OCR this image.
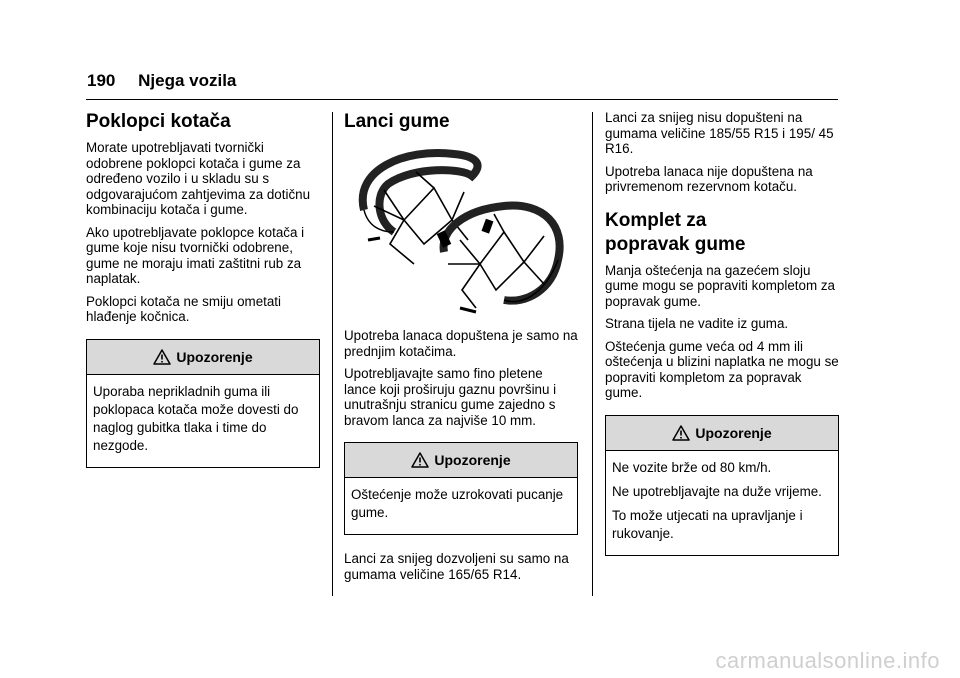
190 Njega vozila
Poklopci kotača

Morate upotrebljavati tvornički odobrene poklopci kotača i gume za određeno vozilo i u skladu su s odgovarajućom zahtjevima za dotičnu kombinaciju kotača i gume.

Ako upotrebljavate poklopce kotača i gume koje nisu tvornički odobrene, gume ne moraju imati zaštitni rub za naplatak.

Poklopci kotača ne smiju ometati hlađenje kočnica.

Upozorenje

Uporaba neprikladnih guma ili poklopaca kotača može dovesti do naglog gubitka tlaka i time do nezgode.

Lanci gume

Upotreba lanaca dopuštena je samo na prednjim kotačima.

Upotrebljavajte samo fino pletene lance koji proširuju gaznu površinu i unutrašnju stranicu gume zajedno s bravom lanca za najviše 10 mm.

Upozorenje

Oštećenje može uzrokovati pucanje gume.

Lanci za snijeg dozvoljeni su samo na gumama veličine 165/65 R14.

Lanci za snijeg nisu dopušteni na gumama veličine 185/55 R15 i 195/ 45 R16.

Upotreba lanaca nije dopuštena na privremenom rezervnom kotaču.

Komplet za popravak gume

Manja oštećenja na gazećem sloju gume mogu se popraviti kompletom za popravak gume.

Strana tijela ne vadite iz guma.

Oštećenja gume veća od 4 mm ili oštećenja u blizini naplatka ne mogu se popraviti kompletom za popravak gume.

Upozorenje

Ne vozite brže od 80 km/h.

Ne upotrebljavajte na duže vrijeme.

To može utjecati na upravljanje i rukovanje.

carmanualsonline.info
